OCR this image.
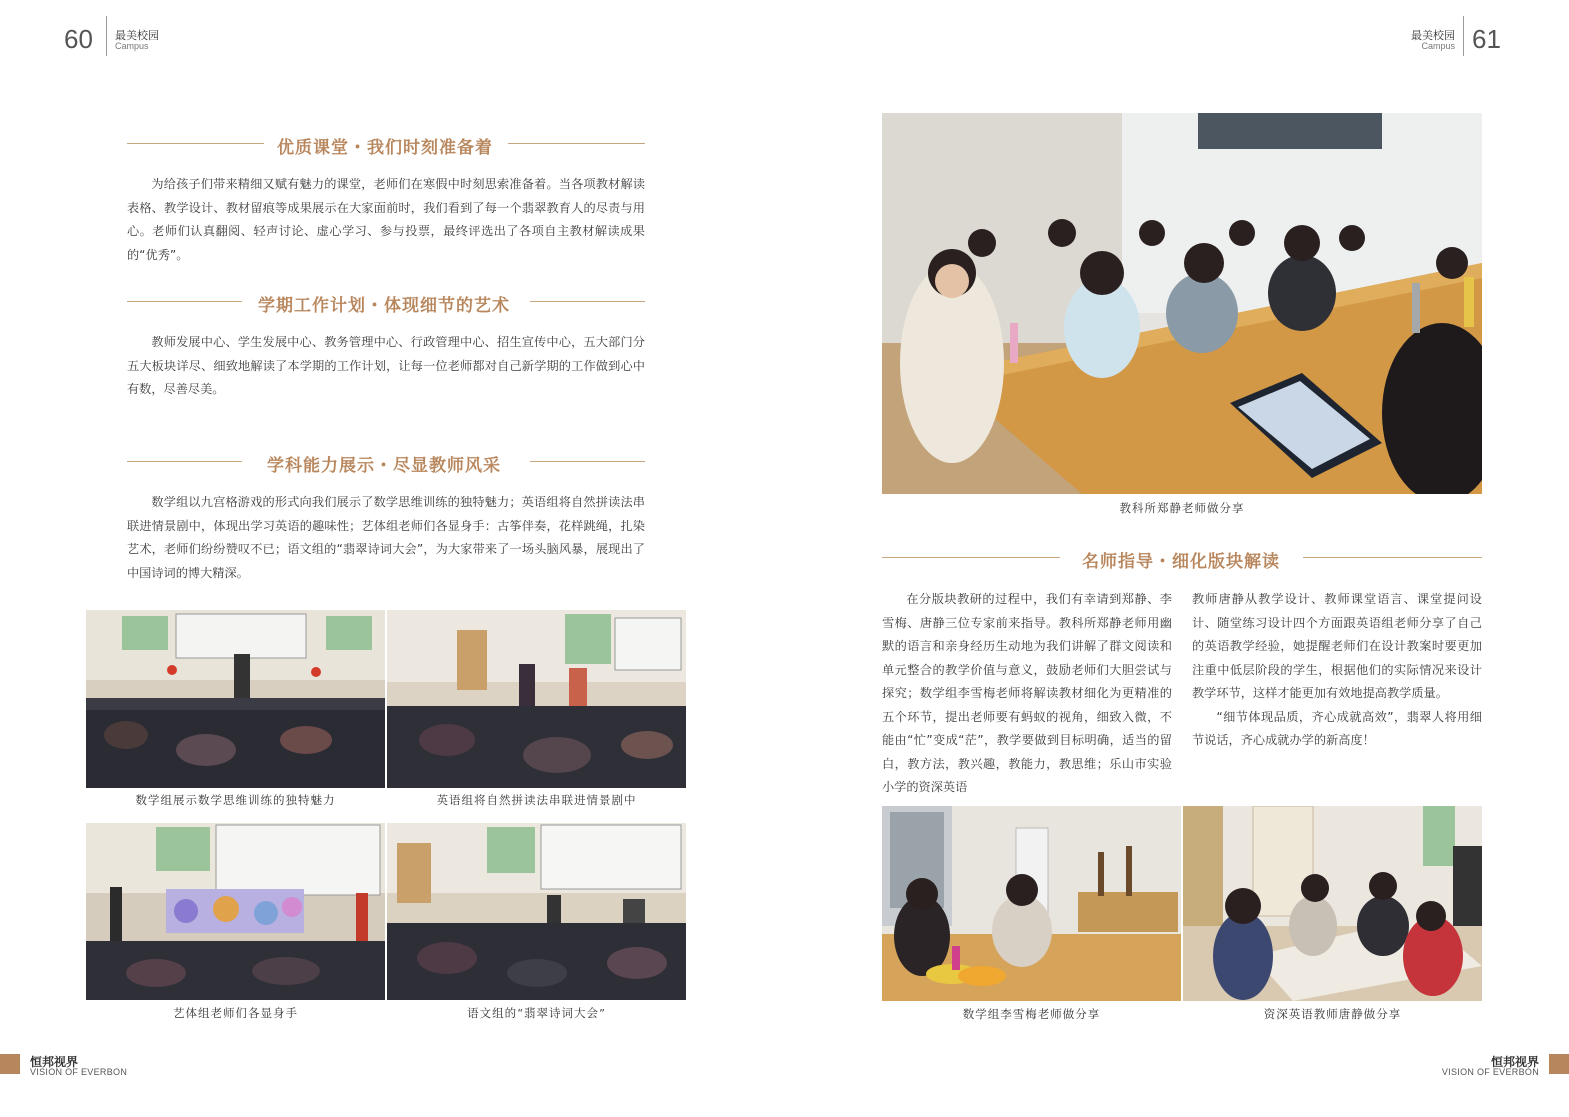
60 最美校园
Campus
优质课堂・我们时刻准备着

为给孩子们带来精细又赋有魅力的课堂，老师们在寒假中时刻思索准备着。当各项教材解读表格、教学设计、教材留痕等成果展示在大家面前时，我们看到了每一个翡翠教育人的尽责与用心。老师们认真翻阅、轻声讨论、虚心学习、参与投票，最终评选出了各项自主教材解读成果的“优秀”。

学期工作计划・体现细节的艺术

教师发展中心、学生发展中心、教务管理中心、行政管理中心、招生宣传中心，五大部门分五大板块详尽、细致地解读了本学期的工作计划，让每一位老师都对自己新学期的工作做到心中有数，尽善尽美。

学科能力展示・尽显教师风采

数学组以九宫格游戏的形式向我们展示了数学思维训练的独特魅力；英语组将自然拼读法串联进情景剧中，体现出学习英语的趣味性；艺体组老师们各显身手：古筝伴奏，花样跳绳，扎染艺术，老师们纷纷赞叹不已；语文组的“翡翠诗词大会”，为大家带来了一场头脑风暴，展现出了中国诗词的博大精深。

数学组展示数学思维训练的独特魅力	英语组将自然拼读法串联进情景剧中
艺体组老师们各显身手	语文组的“翡翠诗词大会”
恒邦视界
VISION OF EVERBON
最美校园
Campus 61
教科所郑静老师做分享
名师指导・细化版块解读

在分版块教研的过程中，我们有幸请到郑静、李雪梅、唐静三位专家前来指导。教科所郑静老师用幽默的语言和亲身经历生动地为我们讲解了群文阅读和单元整合的教学价值与意义，鼓励老师们大胆尝试与探究；数学组李雪梅老师将解读教材细化为更精准的五个环节，提出老师要有蚂蚁的视角，细致入微，不能由“忙”变成“茫”，教学要做到目标明确，适当的留白，教方法，教兴趣，教能力，教思维；乐山市实验小学的资深英语

教师唐静从教学设计、教师课堂语言、课堂提问设计、随堂练习设计四个方面跟英语组老师分享了自己的英语教学经验，她提醒老师们在设计教案时要更加注重中低层阶段的学生，根据他们的实际情况来设计教学环节，这样才能更加有效地提高教学质量。

“细节体现品质，齐心成就高效”，翡翠人将用细节说话，齐心成就办学的新高度！

数学组李雪梅老师做分享	资深英语教师唐静做分享
恒邦视界
VISION OF EVERBON
